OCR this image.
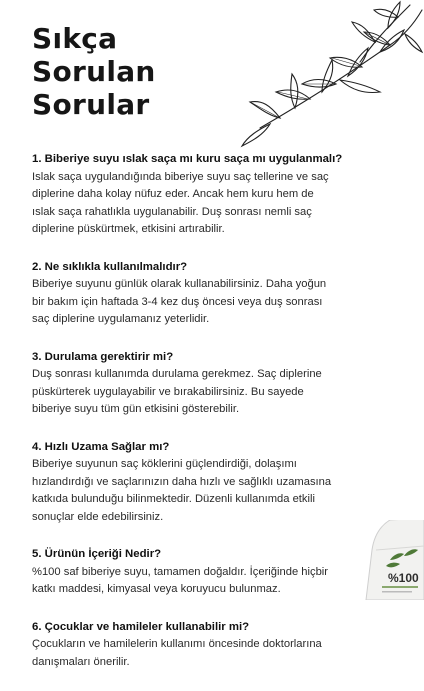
Sıkça
Sorulan
Sorular
1. Biberiye suyu ıslak saça mı kuru saça mı uygulanmalı?
Islak saça uygulandığında biberiye suyu saç tellerine ve saç
diplerine daha kolay nüfuz eder. Ancak hem kuru hem de
ıslak saça rahatlıkla uygulanabilir. Duş sonrası nemli saç
diplerine püskürtmek, etkisini artırabilir.
2. Ne sıklıkla kullanılmalıdır?
Biberiye suyunu günlük olarak kullanabilirsiniz. Daha yoğun
bir bakım için haftada 3-4 kez duş öncesi veya duş sonrası
saç diplerine uygulamanız yeterlidir.
3. Durulama gerektirir mi?
Duş sonrası kullanımda durulama gerekmez. Saç diplerine
püskürterek uygulayabilir ve bırakabilirsiniz. Bu sayede
biberiye suyu tüm gün etkisini gösterebilir.
4. Hızlı Uzama Sağlar mı?
Biberiye suyunun saç köklerini güçlendirdiği, dolaşımı
hızlandırdığı ve saçlarınızın daha hızlı ve sağlıklı uzamasına
katkıda bulunduğu bilinmektedir. Düzenli kullanımda etkili
sonuçlar elde edebilirsiniz.
5. Ürünün İçeriği Nedir?
%100 saf biberiye suyu, tamamen doğaldır. İçeriğinde hiçbir
katkı maddesi, kimyasal veya koruyucu bulunmaz.
6. Çocuklar ve hamileler kullanabilir mi?
Çocukların ve hamilelerin kullanımı öncesinde doktorlarına
danışmaları önerilir.
%100
